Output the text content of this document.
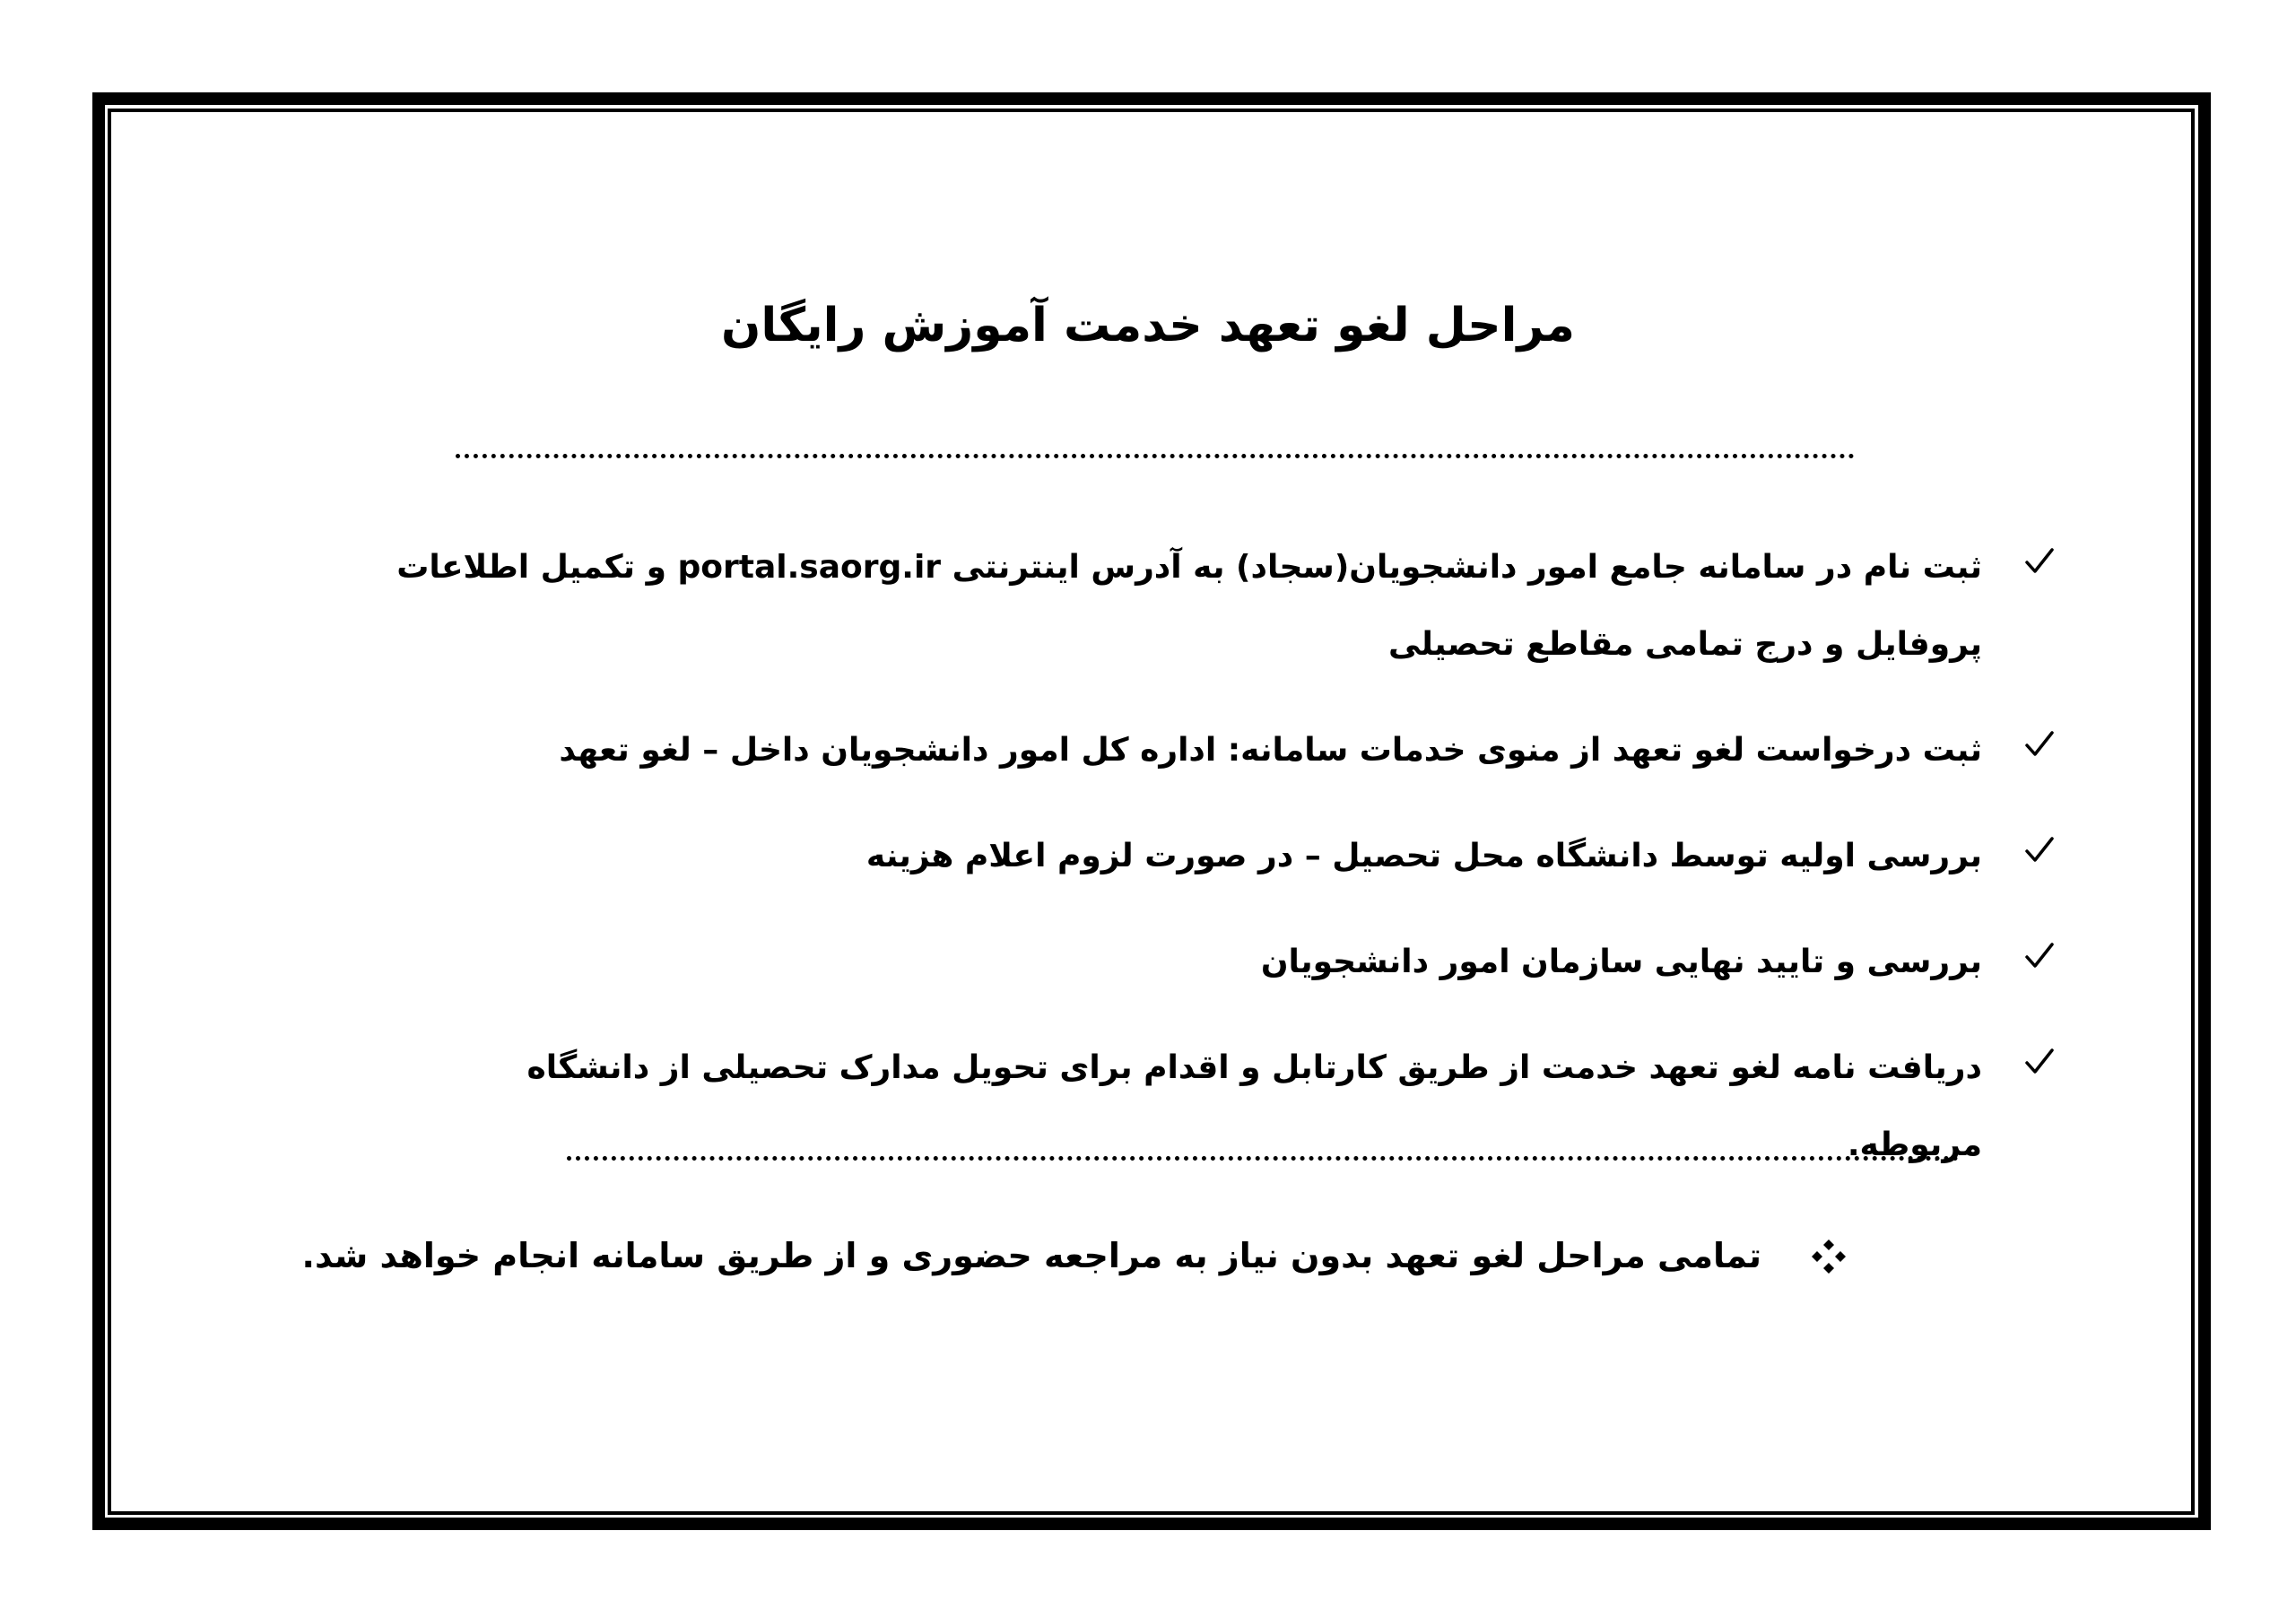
مراحل لغو تعهد خدمت آموزش رایگان
ثبت نام در سامانه جامع امور دانشجویان(سجاد) به آدرس اینترنتی portal.saorg.ir و تکمیل اطلاعات پروفایل و درج تمامی مقاطع تحصیلی
ثبت درخواست لغو تعهد از منوی خدمات سامانه: اداره کل امور دانشجویان داخل – لغو تعهد
بررسی اولیه توسط دانشگاه محل تحصیل – در صورت لزوم اعلام هزینه
بررسی و تایید نهایی سازمان امور دانشجویان
دریافت نامه لغو تعهد خدمت از طریق کارتابل و اقدام برای تحویل مدارک تحصیلی از دانشگاه مربوطه.
تمامی مراحل لغو تعهد بدون نیاز به مراجعه حضوری و از طریق سامانه انجام خواهد شد.
